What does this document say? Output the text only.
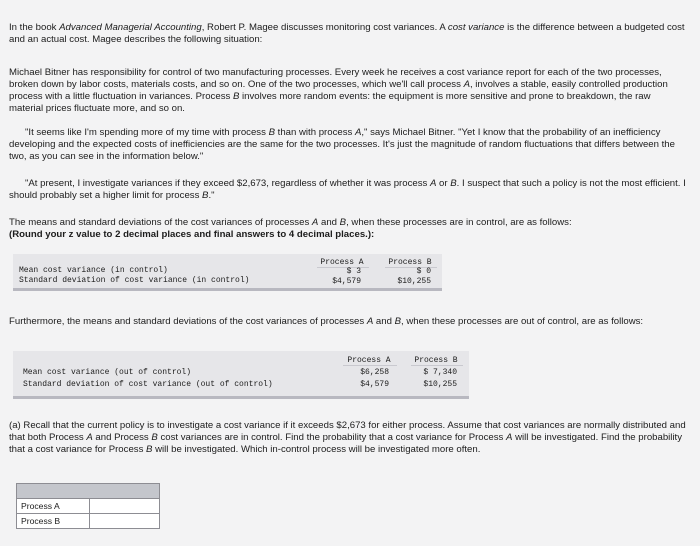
In the book Advanced Managerial Accounting, Robert P. Magee discusses monitoring cost variances. A cost variance is the difference between a budgeted cost and an actual cost. Magee describes the following situation:

Michael Bitner has responsibility for control of two manufacturing processes. Every week he receives a cost variance report for each of the two processes, broken down by labor costs, materials costs, and so on. One of the two processes, which we'll call process A, involves a stable, easily controlled production process with a little fluctuation in variances. Process B involves more random events: the equipment is more sensitive and prone to breakdown, the raw material prices fluctuate more, and so on.

"It seems like I'm spending more of my time with process B than with process A," says Michael Bitner. "Yet I know that the probability of an inefficiency developing and the expected costs of inefficiencies are the same for the two processes. It's just the magnitude of random fluctuations that differs between the two, as you can see in the information below."

"At present, I investigate variances if they exceed $2,673, regardless of whether it was process A or B. I suspect that such a policy is not the most efficient. I should probably set a higher limit for process B."

The means and standard deviations of the cost variances of processes A and B, when these processes are in control, are as follows:
(Round your z value to 2 decimal places and final answers to 4 decimal places.):

Process A	Process B
Mean cost variance (in control)
Standard deviation of cost variance (in control)
$ 3
$4,579
$ 0
$10,255

Furthermore, the means and standard deviations of the cost variances of processes A and B, when these processes are out of control, are as follows:

Process A	Process B
Mean cost variance (out of control)
Standard deviation of cost variance (out of control)
$6,258
$4,579
$ 7,340
$10,255

(a) Recall that the current policy is to investigate a cost variance if it exceeds $2,673 for either process. Assume that cost variances are normally distributed and that both Process A and Process B cost variances are in control. Find the probability that a cost variance for Process A will be investigated. Find the probability that a cost variance for Process B will be investigated. Which in-control process will be investigated more often.

Process A
Process B
